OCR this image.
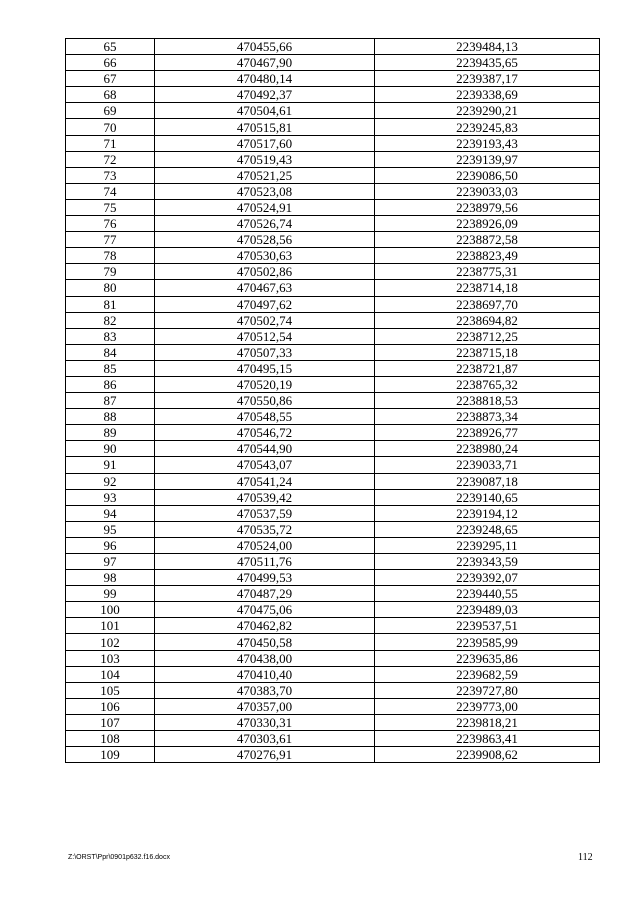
65	470455,66	2239484,13
66	470467,90	2239435,65
67	470480,14	2239387,17
68	470492,37	2239338,69
69	470504,61	2239290,21
70	470515,81	2239245,83
71	470517,60	2239193,43
72	470519,43	2239139,97
73	470521,25	2239086,50
74	470523,08	2239033,03
75	470524,91	2238979,56
76	470526,74	2238926,09
77	470528,56	2238872,58
78	470530,63	2238823,49
79	470502,86	2238775,31
80	470467,63	2238714,18
81	470497,62	2238697,70
82	470502,74	2238694,82
83	470512,54	2238712,25
84	470507,33	2238715,18
85	470495,15	2238721,87
86	470520,19	2238765,32
87	470550,86	2238818,53
88	470548,55	2238873,34
89	470546,72	2238926,77
90	470544,90	2238980,24
91	470543,07	2239033,71
92	470541,24	2239087,18
93	470539,42	2239140,65
94	470537,59	2239194,12
95	470535,72	2239248,65
96	470524,00	2239295,11
97	470511,76	2239343,59
98	470499,53	2239392,07
99	470487,29	2239440,55
100	470475,06	2239489,03
101	470462,82	2239537,51
102	470450,58	2239585,99
103	470438,00	2239635,86
104	470410,40	2239682,59
105	470383,70	2239727,80
106	470357,00	2239773,00
107	470330,31	2239818,21
108	470303,61	2239863,41
109	470276,91	2239908,62
Z:\ORST\Ppr\0901p632.f16.docx	112
